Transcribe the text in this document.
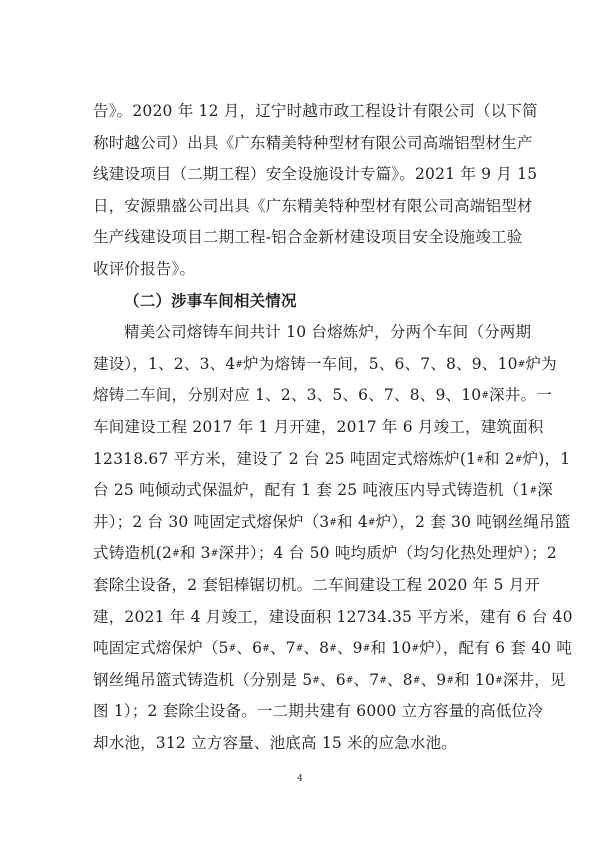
告》。2020 年 12 月，辽宁时越市政工程设计有限公司（以下简
称时越公司）出具《广东精美特种型材有限公司高端铝型材生产
线建设项目（二期工程）安全设施设计专篇》。2021 年 9 月 15
日，安源鼎盛公司出具《广东精美特种型材有限公司高端铝型材
生产线建设项目二期工程-铝合金新材建设项目安全设施竣工验
收评价报告》。
（二）涉事车间相关情况
精美公司熔铸车间共计 10 台熔炼炉，分两个车间（分两期
建设），1、2、3、4#炉为熔铸一车间，5、6、7、8、9、10#炉为
熔铸二车间，分别对应 1、2、3、5、6、7、8、9、10#深井。一
车间建设工程 2017 年 1 月开建，2017 年 6 月竣工，建筑面积
12318.67 平方米，建设了 2 台 25 吨固定式熔炼炉(1#和 2#炉)，1
台 25 吨倾动式保温炉，配有 1 套 25 吨液压内导式铸造机（1#深
井）；2 台 30 吨固定式熔保炉（3#和 4#炉），2 套 30 吨钢丝绳吊篮
式铸造机(2#和 3#深井）；4 台 50 吨均质炉（均匀化热处理炉）；2
套除尘设备，2 套铝棒锯切机。二车间建设工程 2020 年 5 月开
建，2021 年 4 月竣工，建设面积 12734.35 平方米，建有 6 台 40
吨固定式熔保炉（5#、6#、7#、8#、9#和 10#炉），配有 6 套 40 吨
钢丝绳吊篮式铸造机（分别是 5#、6#、7#、8#、9#和 10#深井，见
图 1）；2 套除尘设备。一二期共建有 6000 立方容量的高低位冷
却水池，312 立方容量、池底高 15 米的应急水池。
4
